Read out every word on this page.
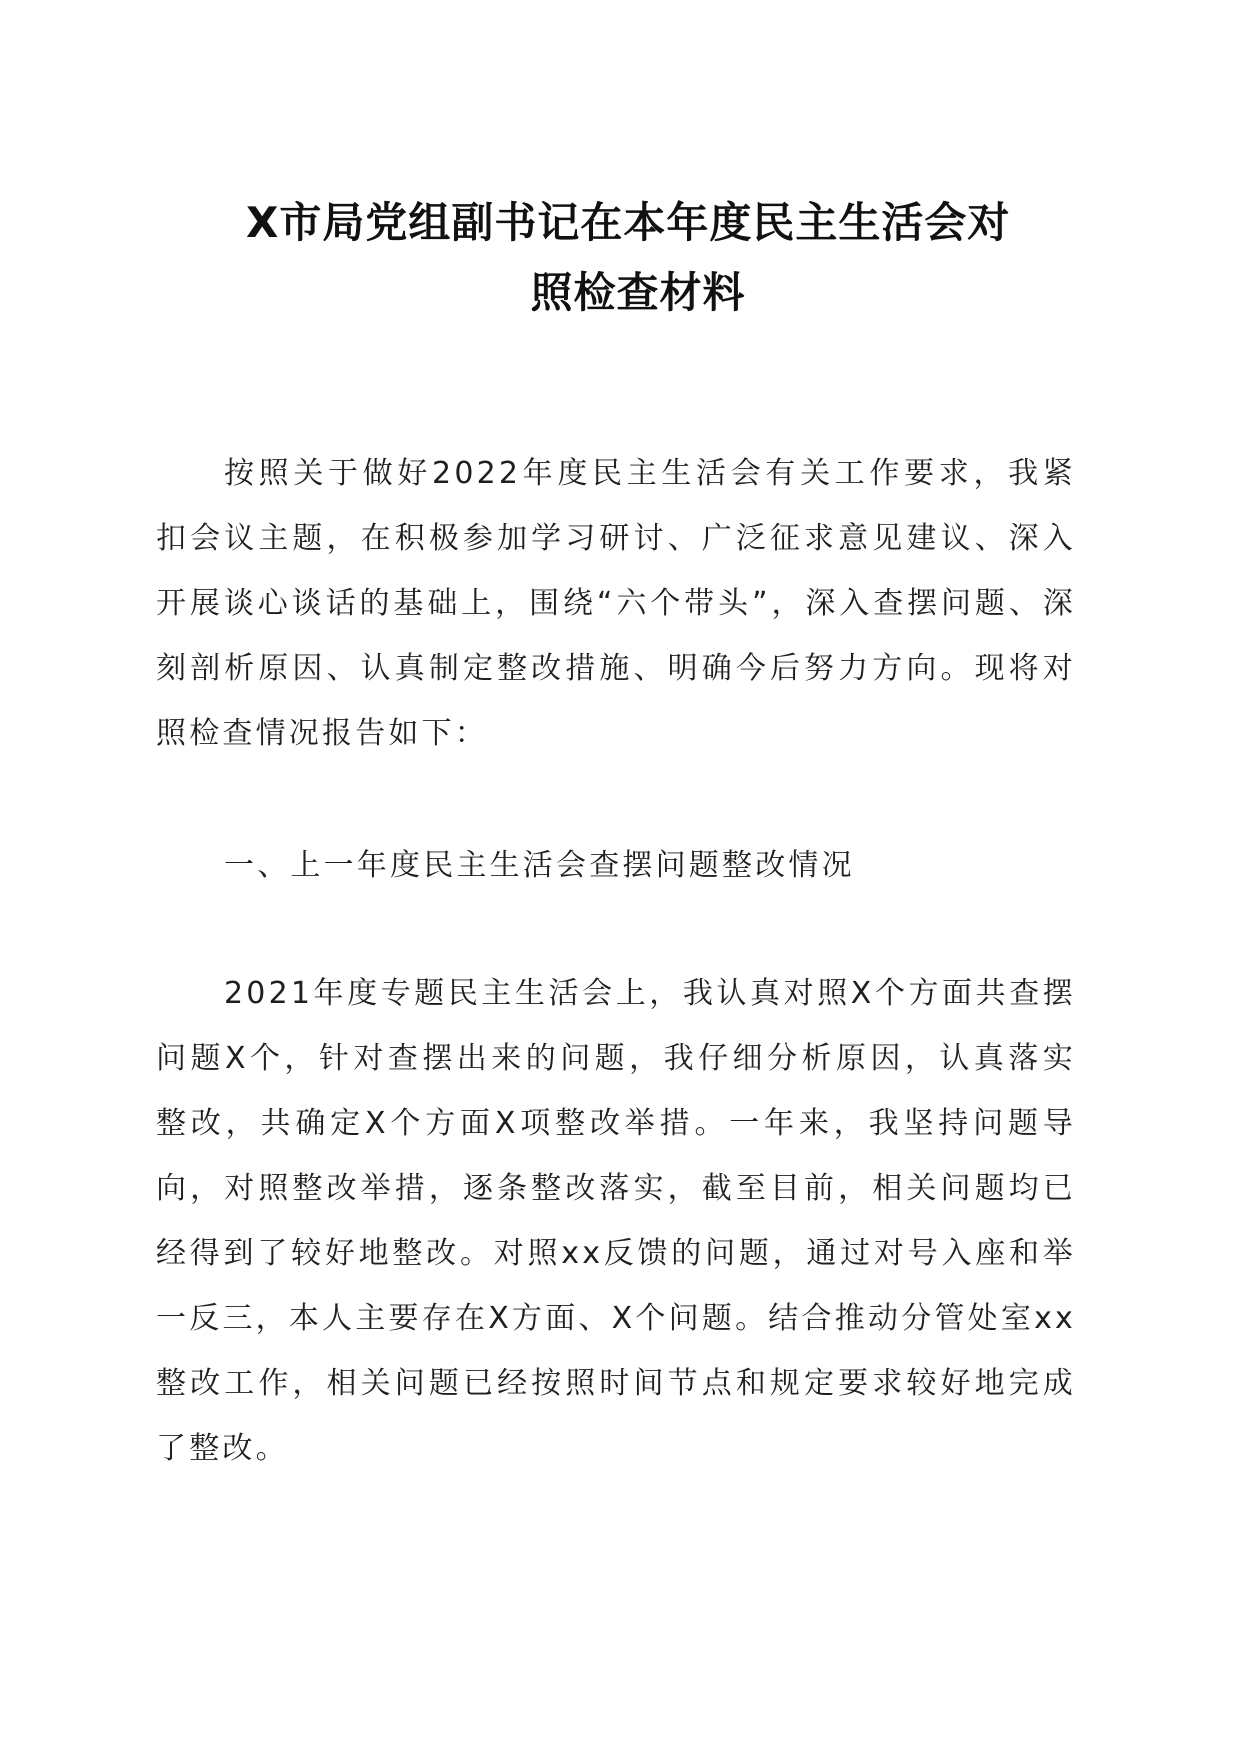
X市局党组副书记在本年度民主生活会对
照检查材料

按照关于做好2022年度民主生活会有关工作要求，我紧扣会议主题，在积极参加学习研讨、广泛征求意见建议、深入开展谈心谈话的基础上，围绕“六个带头”，深入查摆问题、深刻剖析原因、认真制定整改措施、明确今后努力方向。现将对照检查情况报告如下：

一、上一年度民主生活会查摆问题整改情况

2021年度专题民主生活会上，我认真对照X个方面共查摆问题X个，针对查摆出来的问题，我仔细分析原因，认真落实整改，共确定X个方面X项整改举措。一年来，我坚持问题导向，对照整改举措，逐条整改落实，截至目前，相关问题均已经得到了较好地整改。对照xx反馈的问题，通过对号入座和举一反三，本人主要存在X方面、X个问题。结合推动分管处室xx整改工作，相关问题已经按照时间节点和规定要求较好地完成了整改。
